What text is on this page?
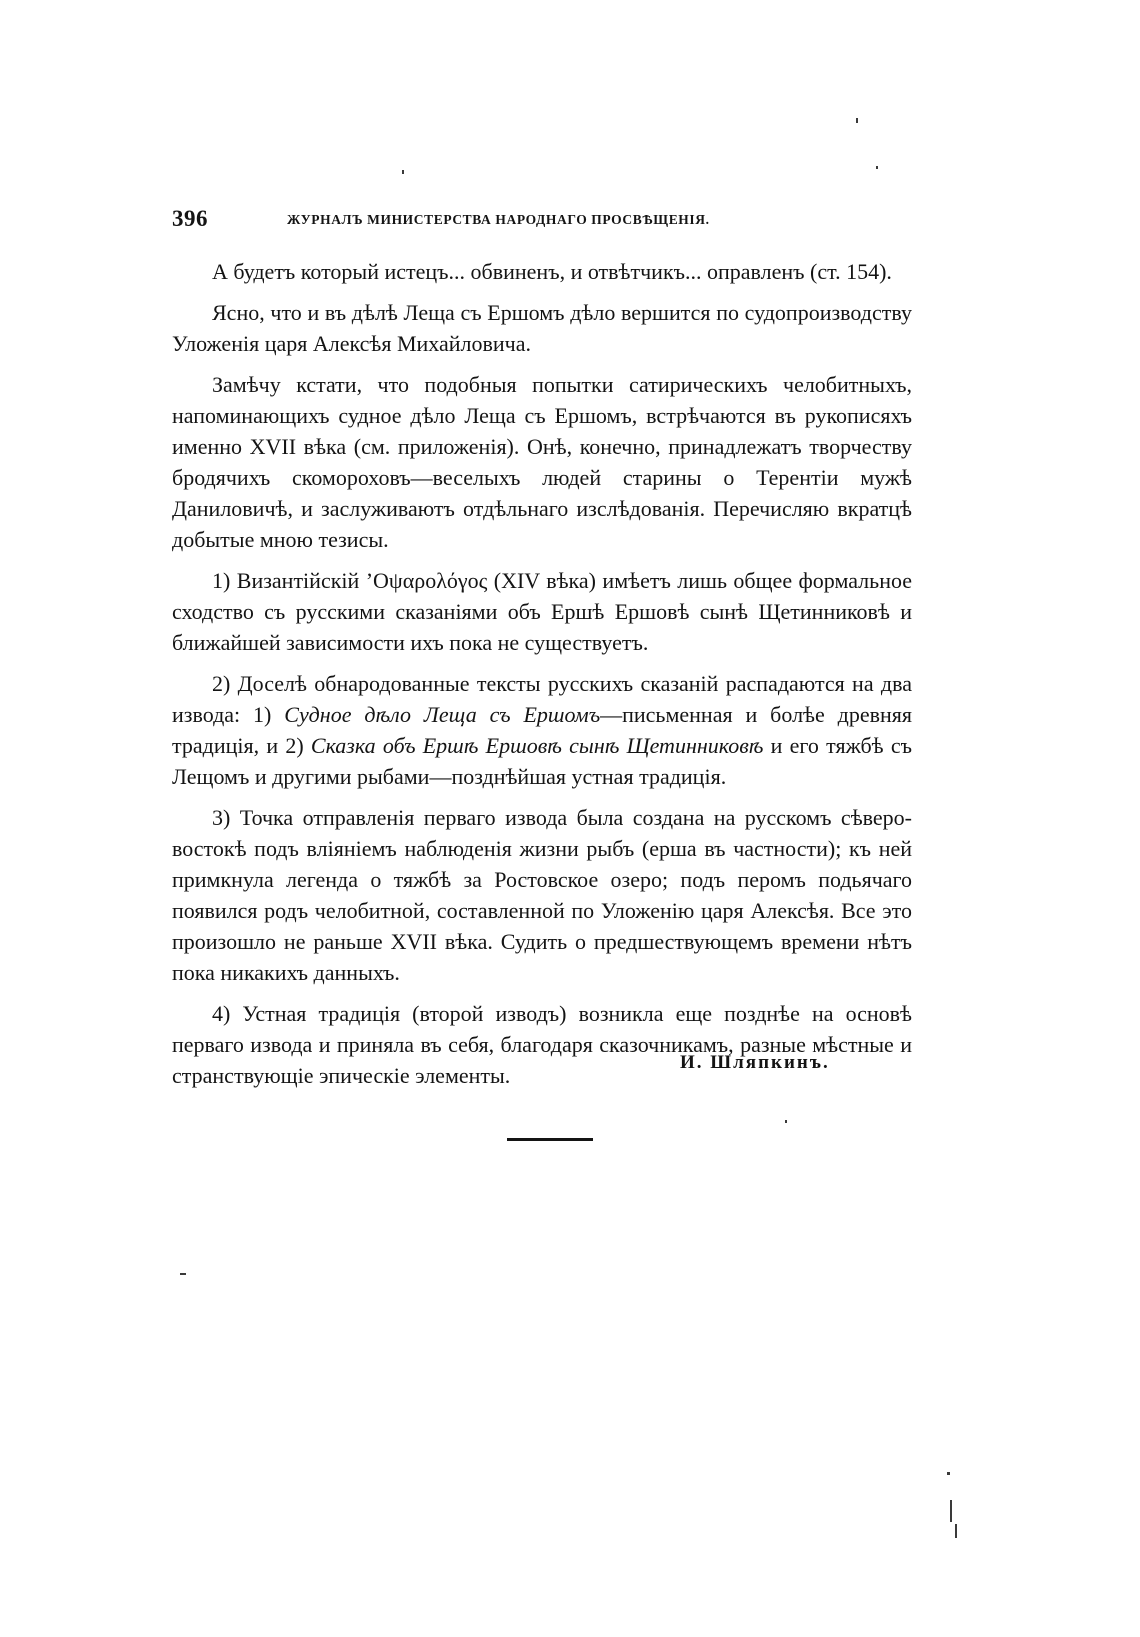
396	ЖУРНАЛЪ МИНИСТЕРСТВА НАРОДНАГО ПРОСВѢЩЕНІЯ.

А будетъ который истецъ... обвиненъ, и отвѣтчикъ... оправленъ (ст. 154).

Ясно, что и въ дѣлѣ Леща съ Ершомъ дѣло вершится по судопроизводству Уложенія царя Алексѣя Михайловича.

Замѣчу кстати, что подобныя попытки сатирическихъ челобитныхъ, напоминающихъ судное дѣло Леща съ Ершомъ, встрѣчаются въ рукописяхъ именно XVII вѣка (см. приложенія). Онѣ, конечно, принадлежатъ творчеству бродячихъ скомороховъ—веселыхъ людей старины о Терентіи мужѣ Даниловичѣ, и заслуживаютъ отдѣльнаго изслѣдованія. Перечисляю вкратцѣ добытые мною тезисы.

1) Византійскій ’Οψαρολόγος (XIV вѣка) имѣетъ лишь общее формальное сходство съ русскими сказаніями объ Ершѣ Ершовѣ сынѣ Щетинниковѣ и ближайшей зависимости ихъ пока не существуетъ.

2) Доселѣ обнародованные тексты русскихъ сказаній распадаются на два извода: 1) Судное дѣло Леща съ Ершомъ—письменная и болѣе древняя традиція, и 2) Сказка объ Ершѣ Ершовѣ сынѣ Щетинниковѣ и его тяжбѣ съ Лещомъ и другими рыбами—позднѣйшая устная традиція.

3) Точка отправленія перваго извода была создана на русскомъ сѣверо-востокѣ подъ вліяніемъ наблюденія жизни рыбъ (ерша въ частности); къ ней примкнула легенда о тяжбѣ за Ростовское озеро; подъ перомъ подьячаго появился родъ челобитной, составленной по Уложенію царя Алексѣя. Все это произошло не раньше XVII вѣка. Судить о предшествующемъ времени нѣтъ пока никакихъ данныхъ.

4) Устная традиція (второй изводъ) возникла еще позднѣе на основѣ перваго извода и приняла въ себя, благодаря сказочникамъ, разные мѣстные и странствующіе эпическіе элементы.

И. Шляпкинъ.
